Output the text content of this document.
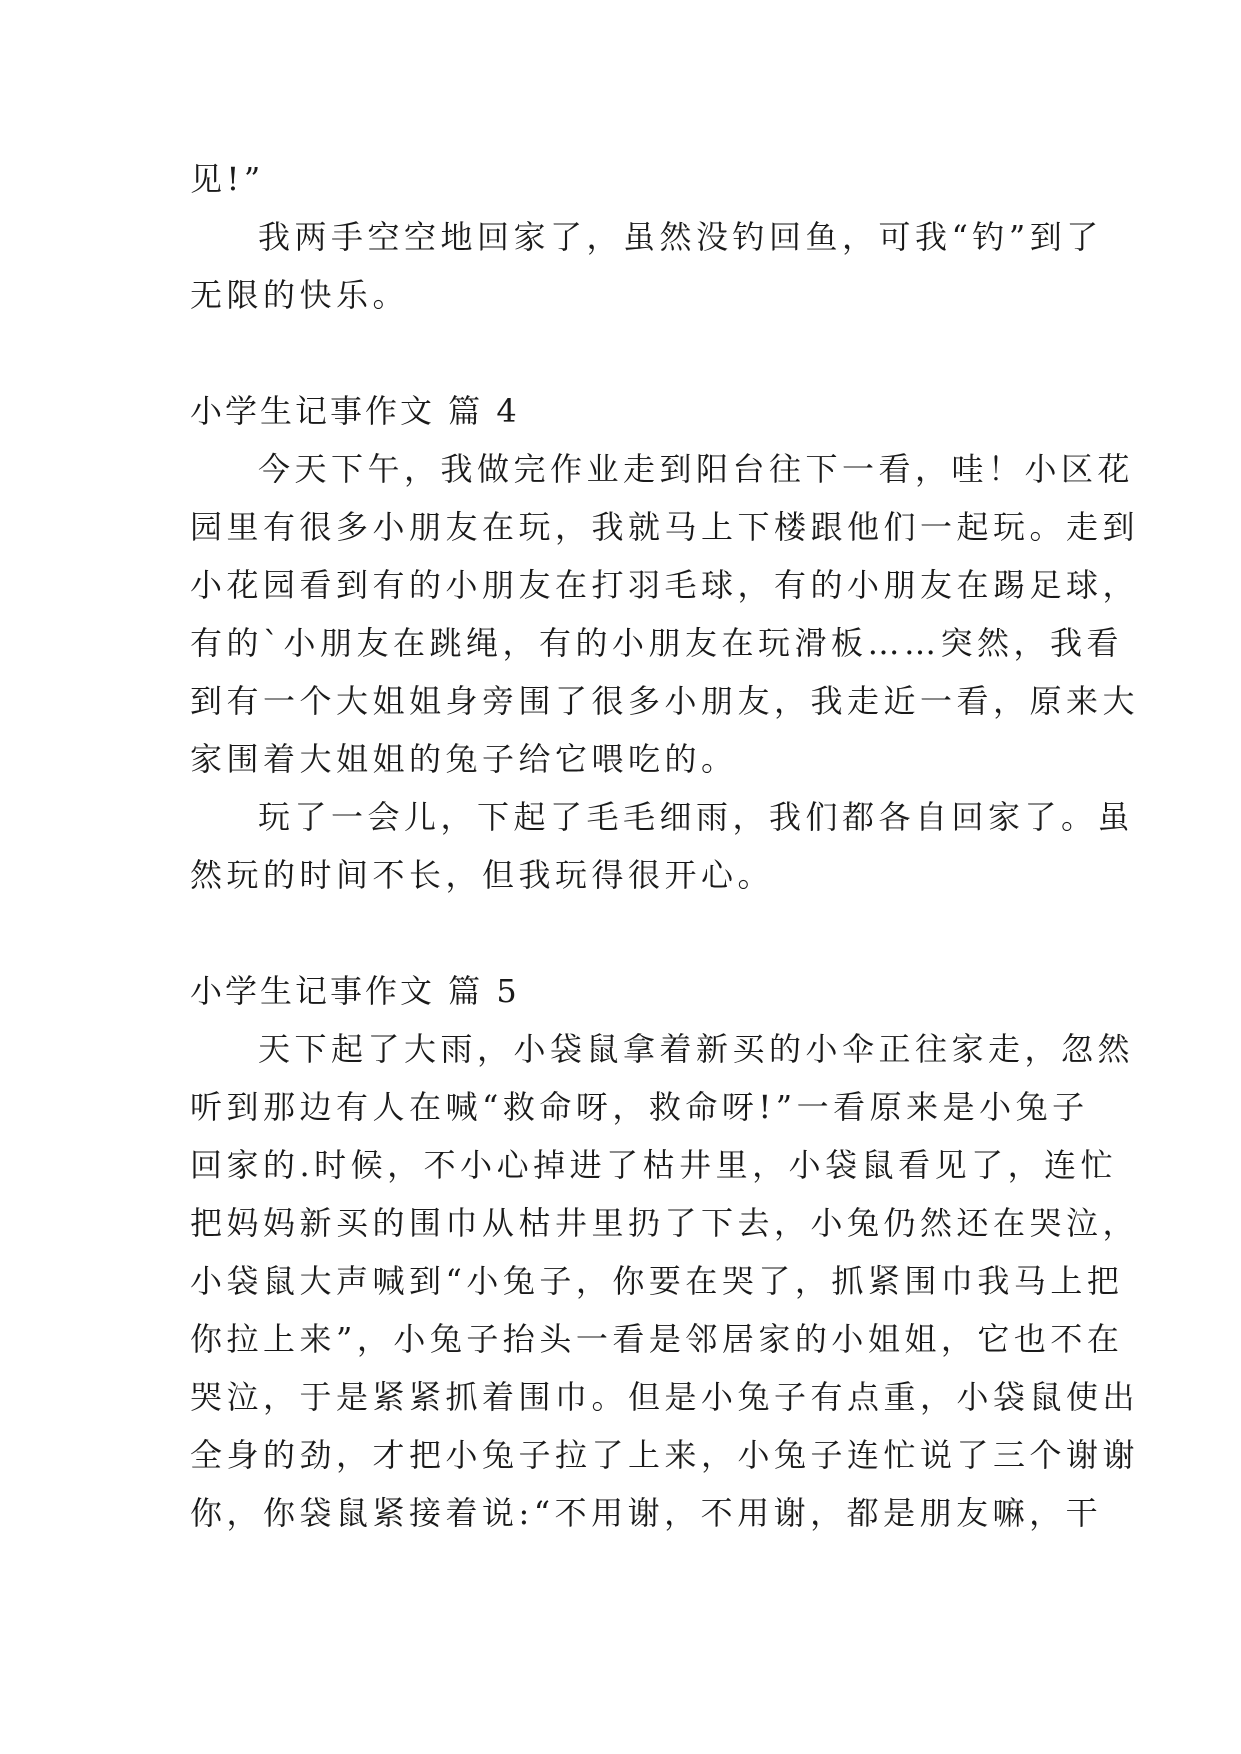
见!”
我两手空空地回家了，虽然没钓回鱼，可我“钓”到了
无限的快乐。
小学生记事作文 篇 4
今天下午，我做完作业走到阳台往下一看，哇！小区花
园里有很多小朋友在玩，我就马上下楼跟他们一起玩。走到
小花园看到有的小朋友在打羽毛球，有的小朋友在踢足球，
有的`小朋友在跳绳，有的小朋友在玩滑板……突然，我看
到有一个大姐姐身旁围了很多小朋友，我走近一看，原来大
家围着大姐姐的兔子给它喂吃的。
玩了一会儿，下起了毛毛细雨，我们都各自回家了。虽
然玩的时间不长，但我玩得很开心。
小学生记事作文 篇 5
天下起了大雨，小袋鼠拿着新买的小伞正往家走，忽然
听到那边有人在喊“救命呀，救命呀!”一看原来是小兔子
回家的.时候，不小心掉进了枯井里，小袋鼠看见了，连忙
把妈妈新买的围巾从枯井里扔了下去，小兔仍然还在哭泣，
小袋鼠大声喊到“小兔子，你要在哭了，抓紧围巾我马上把
你拉上来”，小兔子抬头一看是邻居家的小姐姐，它也不在
哭泣，于是紧紧抓着围巾。但是小兔子有点重，小袋鼠使出
全身的劲，才把小兔子拉了上来，小兔子连忙说了三个谢谢
你，你袋鼠紧接着说:“不用谢，不用谢，都是朋友嘛，干
